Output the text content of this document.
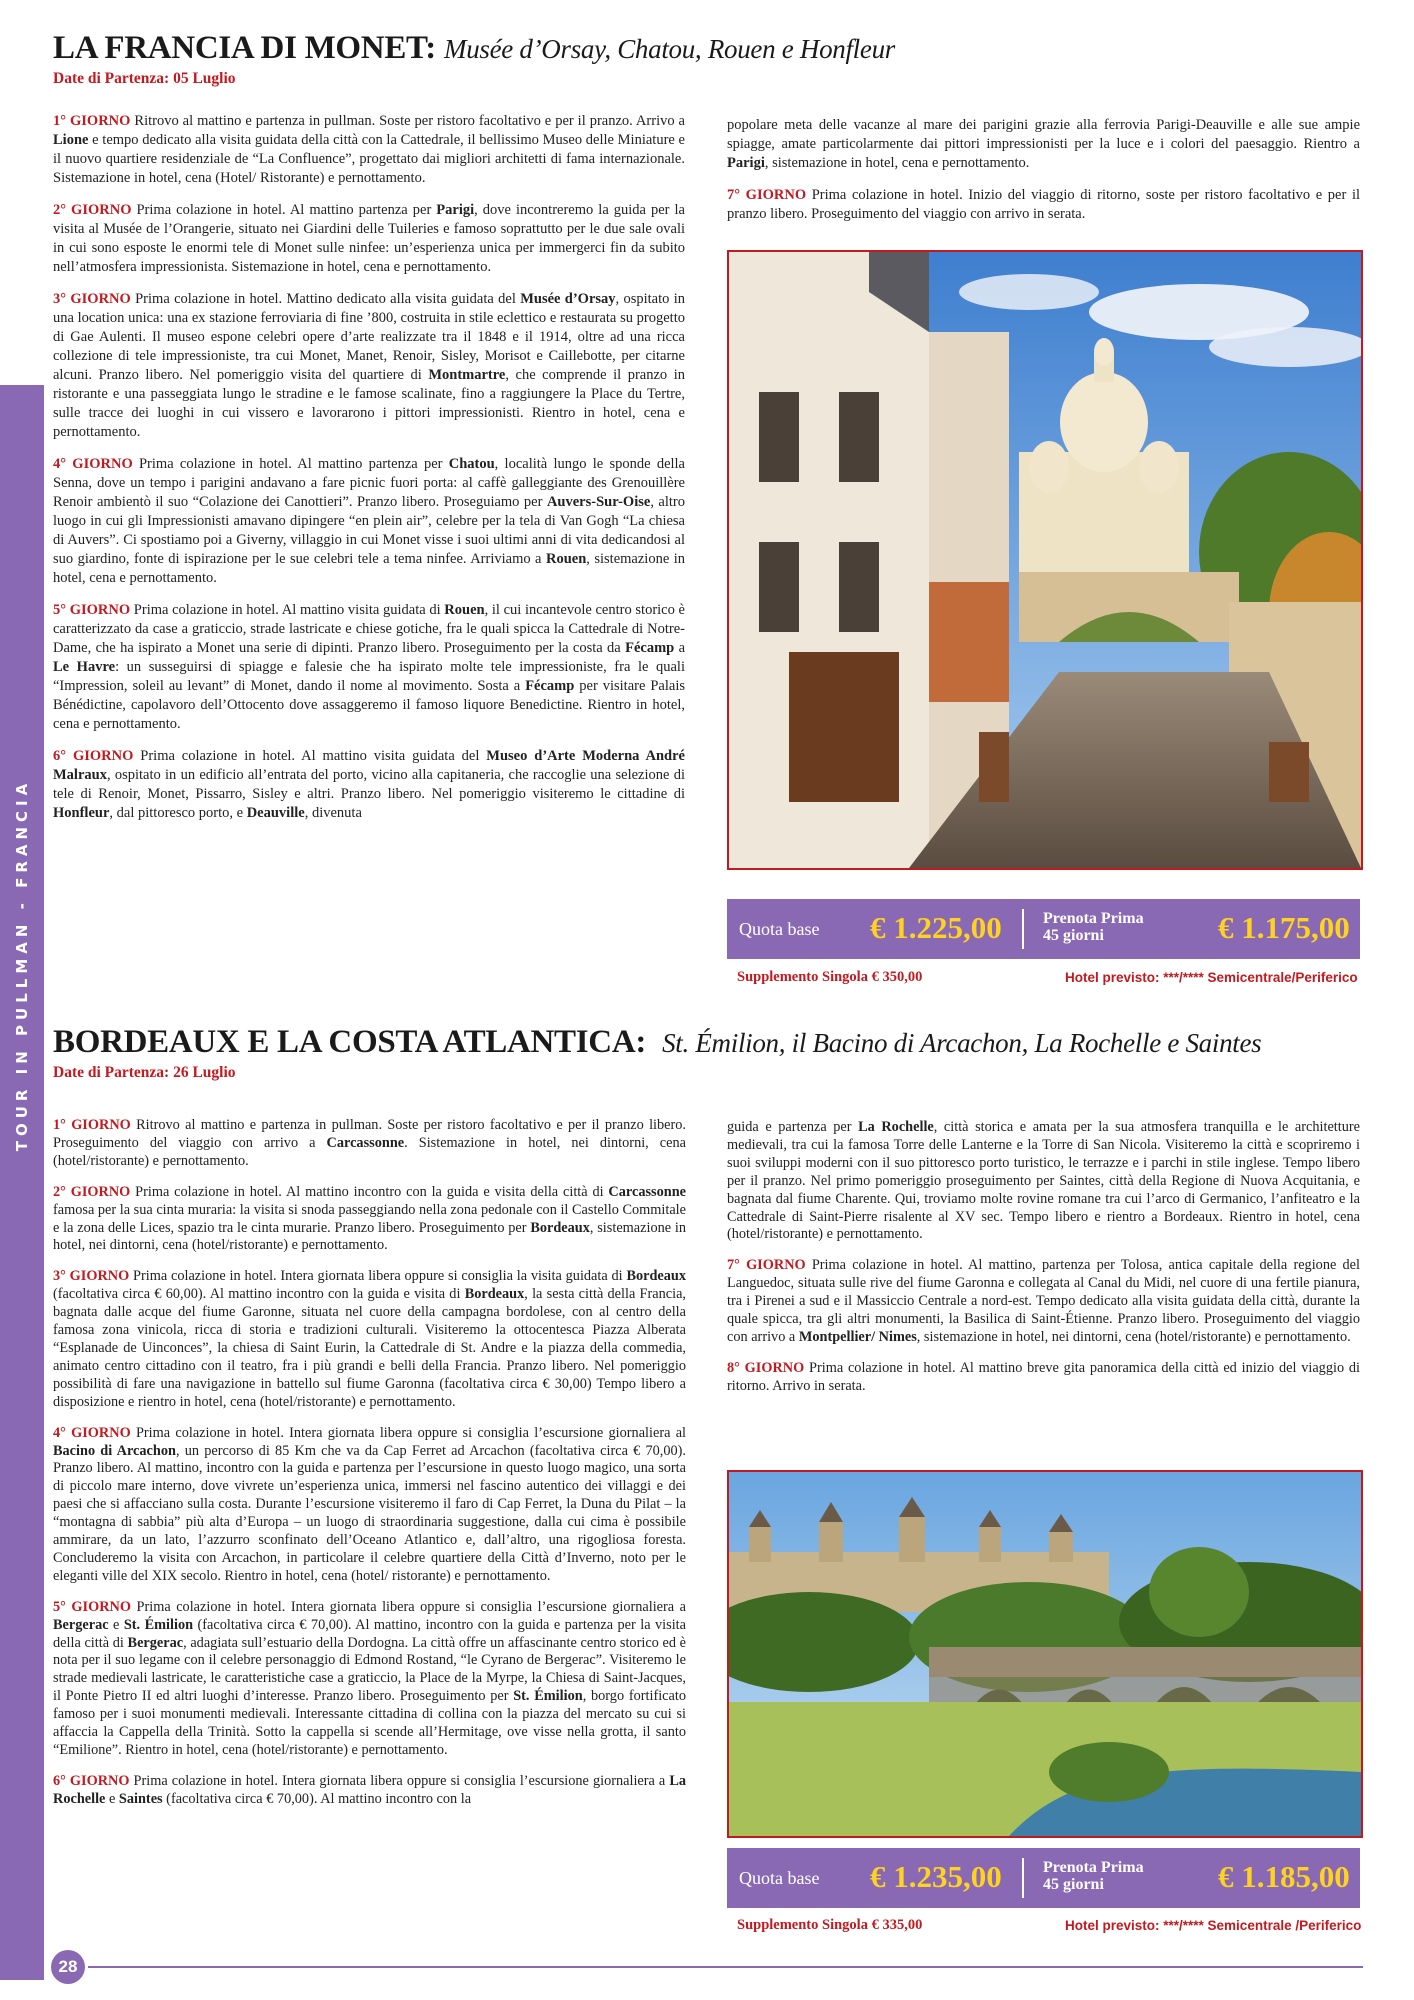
TOUR IN PULLMAN - FRANCIA
LA FRANCIA DI MONET: Musée d’Orsay, Chatou, Rouen e Honfleur
Date di Partenza: 05 Luglio

1° GIORNO Ritrovo al mattino e partenza in pullman. Soste per ristoro facoltativo e per il pranzo. Arrivo a Lione e tempo dedicato alla visita guidata della città con la Cattedrale, il bellissimo Museo delle Miniature e il nuovo quartiere residenziale de “La Confluence”, progettato dai migliori architetti di fama internazionale. Sistemazione in hotel, cena (Hotel/ Ristorante) e pernottamento.

2° GIORNO Prima colazione in hotel. Al mattino partenza per Parigi, dove incontreremo la guida per la visita al Musée de l’Orangerie, situato nei Giardini delle Tuileries e famoso soprattutto per le due sale ovali in cui sono esposte le enormi tele di Monet sulle ninfee: un’esperienza unica per immergerci fin da subito nell’atmosfera impressionista. Sistemazione in hotel, cena e pernottamento.

3° GIORNO Prima colazione in hotel. Mattino dedicato alla visita guidata del Musée d’Orsay, ospitato in una location unica: una ex stazione ferroviaria di fine ’800, costruita in stile eclettico e restaurata su progetto di Gae Aulenti. Il museo espone celebri opere d’arte realizzate tra il 1848 e il 1914, oltre ad una ricca collezione di tele impressioniste, tra cui Monet, Manet, Renoir, Sisley, Morisot e Caillebotte, per citarne alcuni. Pranzo libero. Nel pomeriggio visita del quartiere di Montmartre, che comprende il pranzo in ristorante e una passeggiata lungo le stradine e le famose scalinate, fino a raggiungere la Place du Tertre, sulle tracce dei luoghi in cui vissero e lavorarono i pittori impressionisti. Rientro in hotel, cena e pernottamento.

4° GIORNO Prima colazione in hotel. Al mattino partenza per Chatou, località lungo le sponde della Senna, dove un tempo i parigini andavano a fare picnic fuori porta: al caffè galleggiante des Grenouillère Renoir ambientò il suo “Colazione dei Canottieri”. Pranzo libero. Proseguiamo per Auvers-Sur-Oise, altro luogo in cui gli Impressionisti amavano dipingere “en plein air”, celebre per la tela di Van Gogh “La chiesa di Auvers”. Ci spostiamo poi a Giverny, villaggio in cui Monet visse i suoi ultimi anni di vita dedicandosi al suo giardino, fonte di ispirazione per le sue celebri tele a tema ninfee. Arriviamo a Rouen, sistemazione in hotel, cena e pernottamento.

5° GIORNO Prima colazione in hotel. Al mattino visita guidata di Rouen, il cui incantevole centro storico è caratterizzato da case a graticcio, strade lastricate e chiese gotiche, fra le quali spicca la Cattedrale di Notre-Dame, che ha ispirato a Monet una serie di dipinti. Pranzo libero. Proseguimento per la costa da Fécamp a Le Havre: un susseguirsi di spiagge e falesie che ha ispirato molte tele impressioniste, fra le quali “Impression, soleil au levant” di Monet, dando il nome al movimento. Sosta a Fécamp per visitare Palais Bénédictine, capolavoro dell’Ottocento dove assaggeremo il famoso liquore Benedictine. Rientro in hotel, cena e pernottamento.

6° GIORNO Prima colazione in hotel. Al mattino visita guidata del Museo d’Arte Moderna André Malraux, ospitato in un edificio all’entrata del porto, vicino alla capitaneria, che raccoglie una selezione di tele di Renoir, Monet, Pissarro, Sisley e altri. Pranzo libero. Nel pomeriggio visiteremo le cittadine di Honfleur, dal pittoresco porto, e Deauville, divenuta

popolare meta delle vacanze al mare dei parigini grazie alla ferrovia Parigi-Deauville e alle sue ampie spiagge, amate particolarmente dai pittori impressionisti per la luce e i colori del paesaggio. Rientro a Parigi, sistemazione in hotel, cena e pernottamento.

7° GIORNO Prima colazione in hotel. Inizio del viaggio di ritorno, soste per ristoro facoltativo e per il pranzo libero. Proseguimento del viaggio con arrivo in serata.

Quota base € 1.225,00	Prenota Prima
45 giorni	€ 1.175,00
Supplemento Singola € 350,00	Hotel previsto: ***/**** Semicentrale/Periferico
BORDEAUX E LA COSTA ATLANTICA: St. Émilion, il Bacino di Arcachon, La Rochelle e Saintes
Date di Partenza: 26 Luglio

1° GIORNO Ritrovo al mattino e partenza in pullman. Soste per ristoro facoltativo e per il pranzo libero. Proseguimento del viaggio con arrivo a Carcassonne. Sistemazione in hotel, nei dintorni, cena (hotel/ristorante) e pernottamento.

2° GIORNO Prima colazione in hotel. Al mattino incontro con la guida e visita della città di Carcassonne famosa per la sua cinta muraria: la visita si snoda passeggiando nella zona pedonale con il Castello Commitale e la zona delle Lices, spazio tra le cinta murarie. Pranzo libero. Proseguimento per Bordeaux, sistemazione in hotel, nei dintorni, cena (hotel/ristorante) e pernottamento.

3° GIORNO Prima colazione in hotel. Intera giornata libera oppure si consiglia la visita guidata di Bordeaux (facoltativa circa € 60,00). Al mattino incontro con la guida e visita di Bordeaux, la sesta città della Francia, bagnata dalle acque del fiume Garonne, situata nel cuore della campagna bordolese, con al centro della famosa zona vinicola, ricca di storia e tradizioni culturali. Visiteremo la ottocentesca Piazza Alberata “Esplanade de Uinconces”, la chiesa di Saint Eurin, la Cattedrale di St. Andre e la piazza della commedia, animato centro cittadino con il teatro, fra i più grandi e belli della Francia. Pranzo libero. Nel pomeriggio possibilità di fare una navigazione in battello sul fiume Garonna (facoltativa circa € 30,00) Tempo libero a disposizione e rientro in hotel, cena (hotel/ristorante) e pernottamento.

4° GIORNO Prima colazione in hotel. Intera giornata libera oppure si consiglia l’escursione giornaliera al Bacino di Arcachon, un percorso di 85 Km che va da Cap Ferret ad Arcachon (facoltativa circa € 70,00). Pranzo libero. Al mattino, incontro con la guida e partenza per l’escursione in questo luogo magico, una sorta di piccolo mare interno, dove vivrete un’esperienza unica, immersi nel fascino autentico dei villaggi e dei paesi che si affacciano sulla costa. Durante l’escursione visiteremo il faro di Cap Ferret, la Duna du Pilat – la “montagna di sabbia” più alta d’Europa – un luogo di straordinaria suggestione, dalla cui cima è possibile ammirare, da un lato, l’azzurro sconfinato dell’Oceano Atlantico e, dall’altro, una rigogliosa foresta. Concluderemo la visita con Arcachon, in particolare il celebre quartiere della Città d’Inverno, noto per le eleganti ville del XIX secolo. Rientro in hotel, cena (hotel/ ristorante) e pernottamento.

5° GIORNO Prima colazione in hotel. Intera giornata libera oppure si consiglia l’escursione giornaliera a Bergerac e St. Émilion (facoltativa circa € 70,00). Al mattino, incontro con la guida e partenza per la visita della città di Bergerac, adagiata sull’estuario della Dordogna. La città offre un affascinante centro storico ed è nota per il suo legame con il celebre personaggio di Edmond Rostand, “le Cyrano de Bergerac”. Visiteremo le strade medievali lastricate, le caratteristiche case a graticcio, la Place de la Myrpe, la Chiesa di Saint-Jacques, il Ponte Pietro II ed altri luoghi d’interesse. Pranzo libero. Proseguimento per St. Émilion, borgo fortificato famoso per i suoi monumenti medievali. Interessante cittadina di collina con la piazza del mercato su cui si affaccia la Cappella della Trinità. Sotto la cappella si scende all’Hermitage, ove visse nella grotta, il santo “Emilione”. Rientro in hotel, cena (hotel/ristorante) e pernottamento.

6° GIORNO Prima colazione in hotel. Intera giornata libera oppure si consiglia l’escursione giornaliera a La Rochelle e Saintes (facoltativa circa € 70,00). Al mattino incontro con la

guida e partenza per La Rochelle, città storica e amata per la sua atmosfera tranquilla e le architetture medievali, tra cui la famosa Torre delle Lanterne e la Torre di San Nicola. Visiteremo la città e scopriremo i suoi sviluppi moderni con il suo pittoresco porto turistico, le terrazze e i parchi in stile inglese. Tempo libero per il pranzo. Nel primo pomeriggio proseguimento per Saintes, città della Regione di Nuova Acquitania, e bagnata dal fiume Charente. Qui, troviamo molte rovine romane tra cui l’arco di Germanico, l’anfiteatro e la Cattedrale di Saint-Pierre risalente al XV sec. Tempo libero e rientro a Bordeaux. Rientro in hotel, cena (hotel/ristorante) e pernottamento.

7° GIORNO Prima colazione in hotel. Al mattino, partenza per Tolosa, antica capitale della regione del Languedoc, situata sulle rive del fiume Garonna e collegata al Canal du Midi, nel cuore di una fertile pianura, tra i Pirenei a sud e il Massiccio Centrale a nord-est. Tempo dedicato alla visita guidata della città, durante la quale spicca, tra gli altri monumenti, la Basilica di Saint-Étienne. Pranzo libero. Proseguimento del viaggio con arrivo a Montpellier/ Nimes, sistemazione in hotel, nei dintorni, cena (hotel/ristorante) e pernottamento.

8° GIORNO Prima colazione in hotel. Al mattino breve gita panoramica della città ed inizio del viaggio di ritorno. Arrivo in serata.

Quota base € 1.235,00	Prenota Prima
45 giorni	€ 1.185,00
Supplemento Singola € 335,00	Hotel previsto: ***/**** Semicentrale /Periferico
28
